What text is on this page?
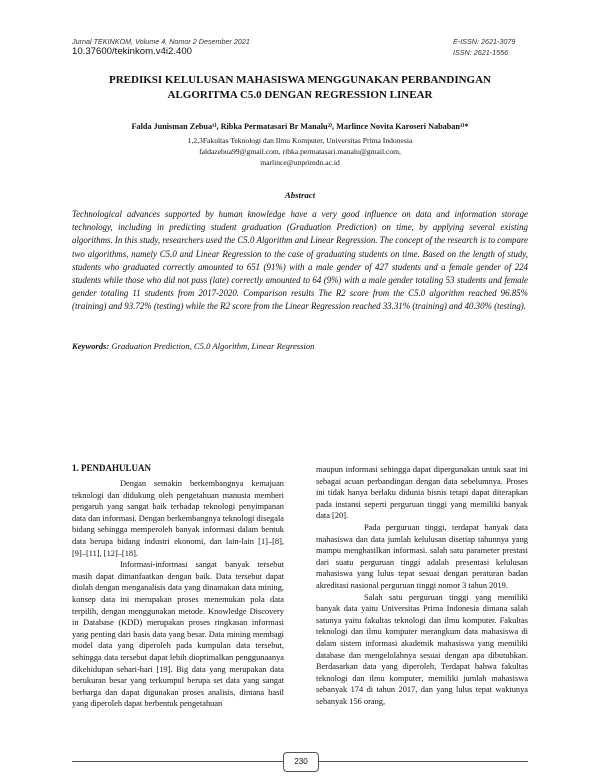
Jurnal TEKINKOM, Volume 4, Nomor 2 Desember 2021
10.37600/tekinkom.v4i2.400
E-ISSN: 2621-3079
ISSN: 2621-1556
PREDIKSI KELULUSAN MAHASISWA MENGGUNAKAN PERBANDINGAN
ALGORITMA C5.0 DENGAN REGRESSION LINEAR
Falda Junisman Zebua¹⁾, Ribka Permatasari Br Manalu²⁾, Marlince Novita Karoseri Nababan³⁾*
1,2,3Fakultas Teknologi dan Ilmu Komputer, Universitas Prima Indonesia
faldazebua99@gmail.com, ribka.permatasari.manalu@gmail.com,
marlince@unprimdn.ac.id
Abstract

Technological advances supported by human knowledge have a very good influence on data and information storage technology, including in predicting student graduation (Graduation Prediction) on time, by applying several existing algorithms. In this study, researchers used the C5.0 Algorithm and Linear Regression. The concept of the research is to compare two algorithms, namely C5.0 and Linear Regression to the case of graduating students on time. Based on the length of study, students who graduated correctly amounted to 651 (91%) with a male gender of 427 students and a female gender of 224 students while those who did not pass (late) correctly amounted to 64 (9%) with a male gender totaling 53 students and female gender totaling 11 students from 2017-2020. Comparison results The R2 score from the C5.0 algorithm reached 96.85% (training) and 93.72% (testing) while the R2 score from the Linear Regression reached 33.31% (training) and 40.30% (testing).

Keywords: Graduation Prediction, C5.0 Algorithm, Linear Regression

1. PENDAHULUAN

Dengan semakin berkembangnya kemajuan teknologi dan didukung oleh pengetahuan manusia memberi pengaruh yang sangat baik terhadap teknologi penyimpanan data dan informasi. Dengan berkembangnya teknologi disegala bidang sehingga memperoleh banyak informasi dalam bentuk data berupa bidang industri ekonomi, dan lain-lain [1]–[8], [9]–[11], [12]–[18].

Informasi-informasi sangat banyak tersebut masih dapat dimanfaatkan dengan baik. Data tersebut dapat diolah dengan menganalisis data yang dinamakan data mining, konsep data ini merupakan proses menemukan pola data terpilih, dengan menggunakan metode. Knowledge Discovery in Database (KDD) merupakan proses ringkasan informasi yang penting dari basis data yang besar. Data mining membagi model data yang diperoleh pada kumpulan data tersebut, sehingga data tersebut dapat lebih dioptimalkan penggunaanya dikehidupan sehari-hari [19]. Big data yang merupakan data berukuran besar yang terkumpul berupa set data yang sangat berharga dan dapat digunakan proses analisis, dimana hasil yang diperoleh dapat berbentuk pengetahuan

maupun informasi sehingga dapat dipergunakan untuk saat ini sebagai acuan perbandingan dengan data sebelumnya. Proses ini tidak hanya berlaku didunia bisnis tetapi dapat diterapkan pada instansi seperti perguruan tinggi yang memiliki banyak data [20].

Pada perguruan tinggi, terdapat banyak data mahasiswa dan data jumlah kelulusan disetiap tahunnya yang mampu menghasilkan informasi. salah satu parameter prestasi dari suatu perguruan tinggi adalah presentasi kelulusan mahasiswa yang lulus tepat sesuai dengan peraturan badan akreditasi nasional perguruan tinggi nomor 3 tahun 2019.

Salah satu perguruan tinggi yang memiliki banyak data yaitu Universitas Prima Indonesia dimana salah satunya yaitu fakultas teknologi dan ilmu komputer. Fakultas teknologi dan ilmu komputer merangkum data mahasiswa di dalam sistem informasi akademik mahasiswa yang memiliki database dan mengelolahnya sesuai dengan apa dibutuhkan. Berdasarkan data yang diperoleh, Terdapat bahwa fakultas teknologi dan ilmu komputer, memiliki jumlah mahasiswa sebanyak 174 di tahun 2017, dan yang lulus tepat waktunya sebanyak 156 orang,

230
